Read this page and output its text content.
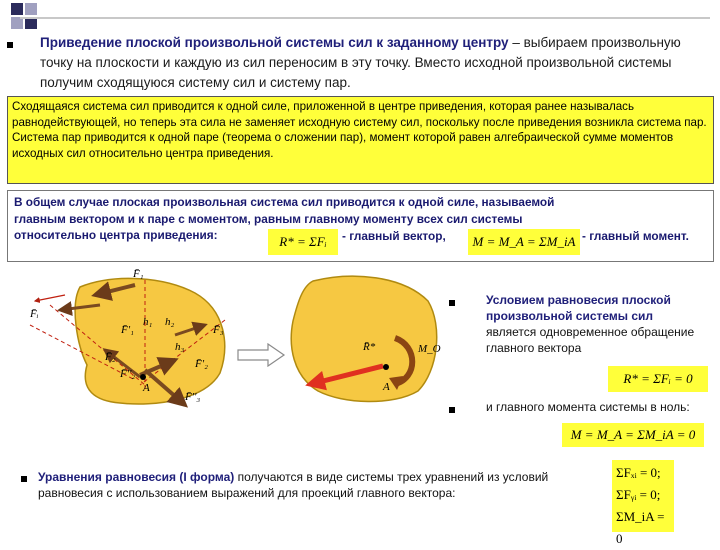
Приведение плоской произвольной системы сил к заданному центру – выбираем произвольную точку на плоскости и каждую из сил переносим в эту точку. Вместо исходной произвольной системы получим сходящуюся систему сил и систему пар.
Сходящаяся система сил приводится к одной силе, приложенной в центре приведения, которая ранее называлась равнодействующей, но теперь эта сила не заменяет исходную систему сил, поскольку после приведения возникла система пар. Система пар приводится к одной паре (теорема о сложении пар), момент которой равен алгебраической сумме моментов исходных сил относительно центра приведения.
В общем случае плоская произвольная система сил приводится к одной силе, называемой
главным вектором и к паре с моментом, равным главному моменту всех сил системы
относительно центра приведения:	R* = ΣFᵢ	- главный вектор,	M = M_A = ΣM_iA - главный момент.
F̄ᵢ
F̄₁
F̄'₁
F̄₂
F̄₃
F̄'₂
F̄''₂
F̄''₃
h₁ h₂
h₃
A
R̄*	M_O
A
Условием равновесия плоской произвольной системы сил является одновременное обращение главного вектора
R* = ΣFᵢ = 0
и главного момента системы в ноль:
M = M_A = ΣM_iA = 0
Уравнения равновесия (I форма) получаются в виде системы трех уравнений из условий равновесия с использованием выражений для проекций главного вектора:
ΣFₓᵢ = 0;
ΣFᵧᵢ = 0;
ΣM_iA = 0
